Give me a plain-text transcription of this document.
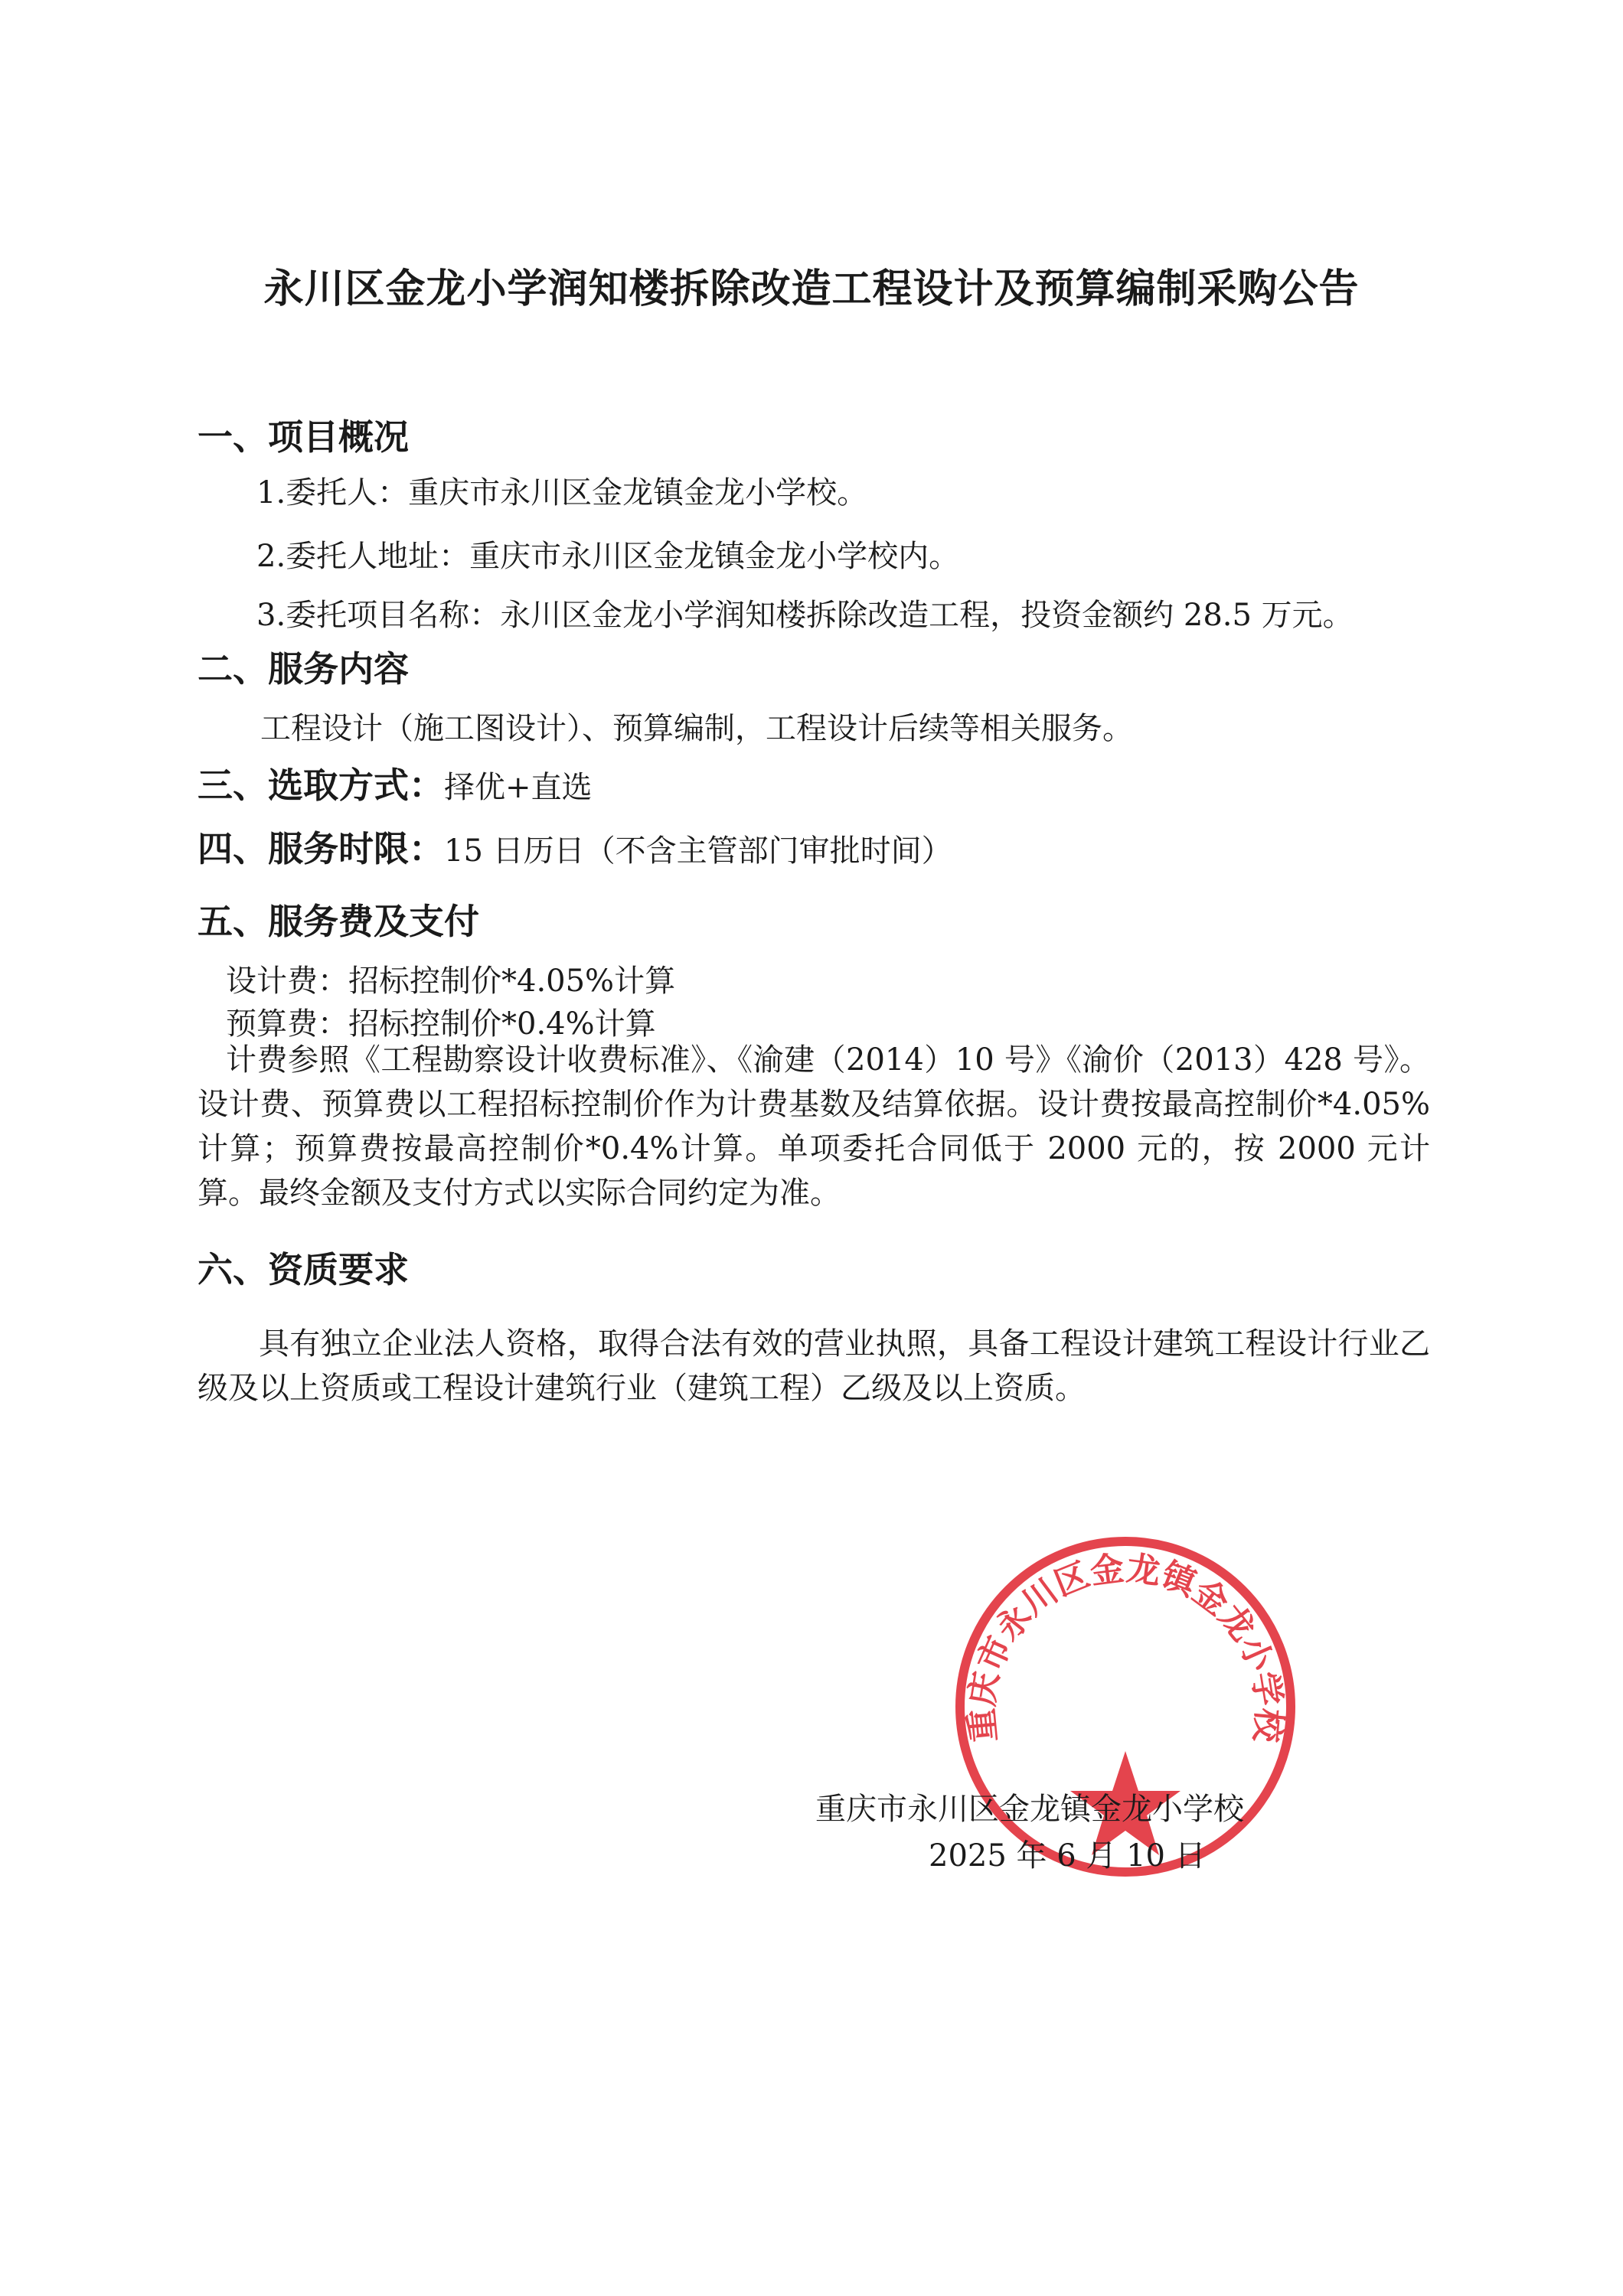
永川区金龙小学润知楼拆除改造工程设计及预算编制采购公告
一、项目概况
1.委托人：重庆市永川区金龙镇金龙小学校。
2.委托人地址：重庆市永川区金龙镇金龙小学校内。
3.委托项目名称：永川区金龙小学润知楼拆除改造工程，投资金额约 28.5 万元。
二、服务内容
工程设计（施工图设计）、预算编制，工程设计后续等相关服务。
三、选取方式：择优+直选
四、服务时限：15 日历日（不含主管部门审批时间）
五、服务费及支付
设计费：招标控制价*4.05%计算
预算费：招标控制价*0.4%计算
计费参照《工程勘察设计收费标准》、《渝建（2014）10 号》《渝价（2013）428 号》。设计费、预算费以工程招标控制价作为计费基数及结算依据。设计费按最高控制价*4.05%计算；预算费按最高控制价*0.4%计算。单项委托合同低于 2000 元的，按 2000 元计算。最终金额及支付方式以实际合同约定为准。
六、资质要求
具有独立企业法人资格，取得合法有效的营业执照，具备工程设计建筑工程设计行业乙级及以上资质或工程设计建筑行业（建筑工程）乙级及以上资质。
重庆市永川区金龙镇金龙小学校
重庆市永川区金龙镇金龙小学校
2025 年 6 月 10 日
